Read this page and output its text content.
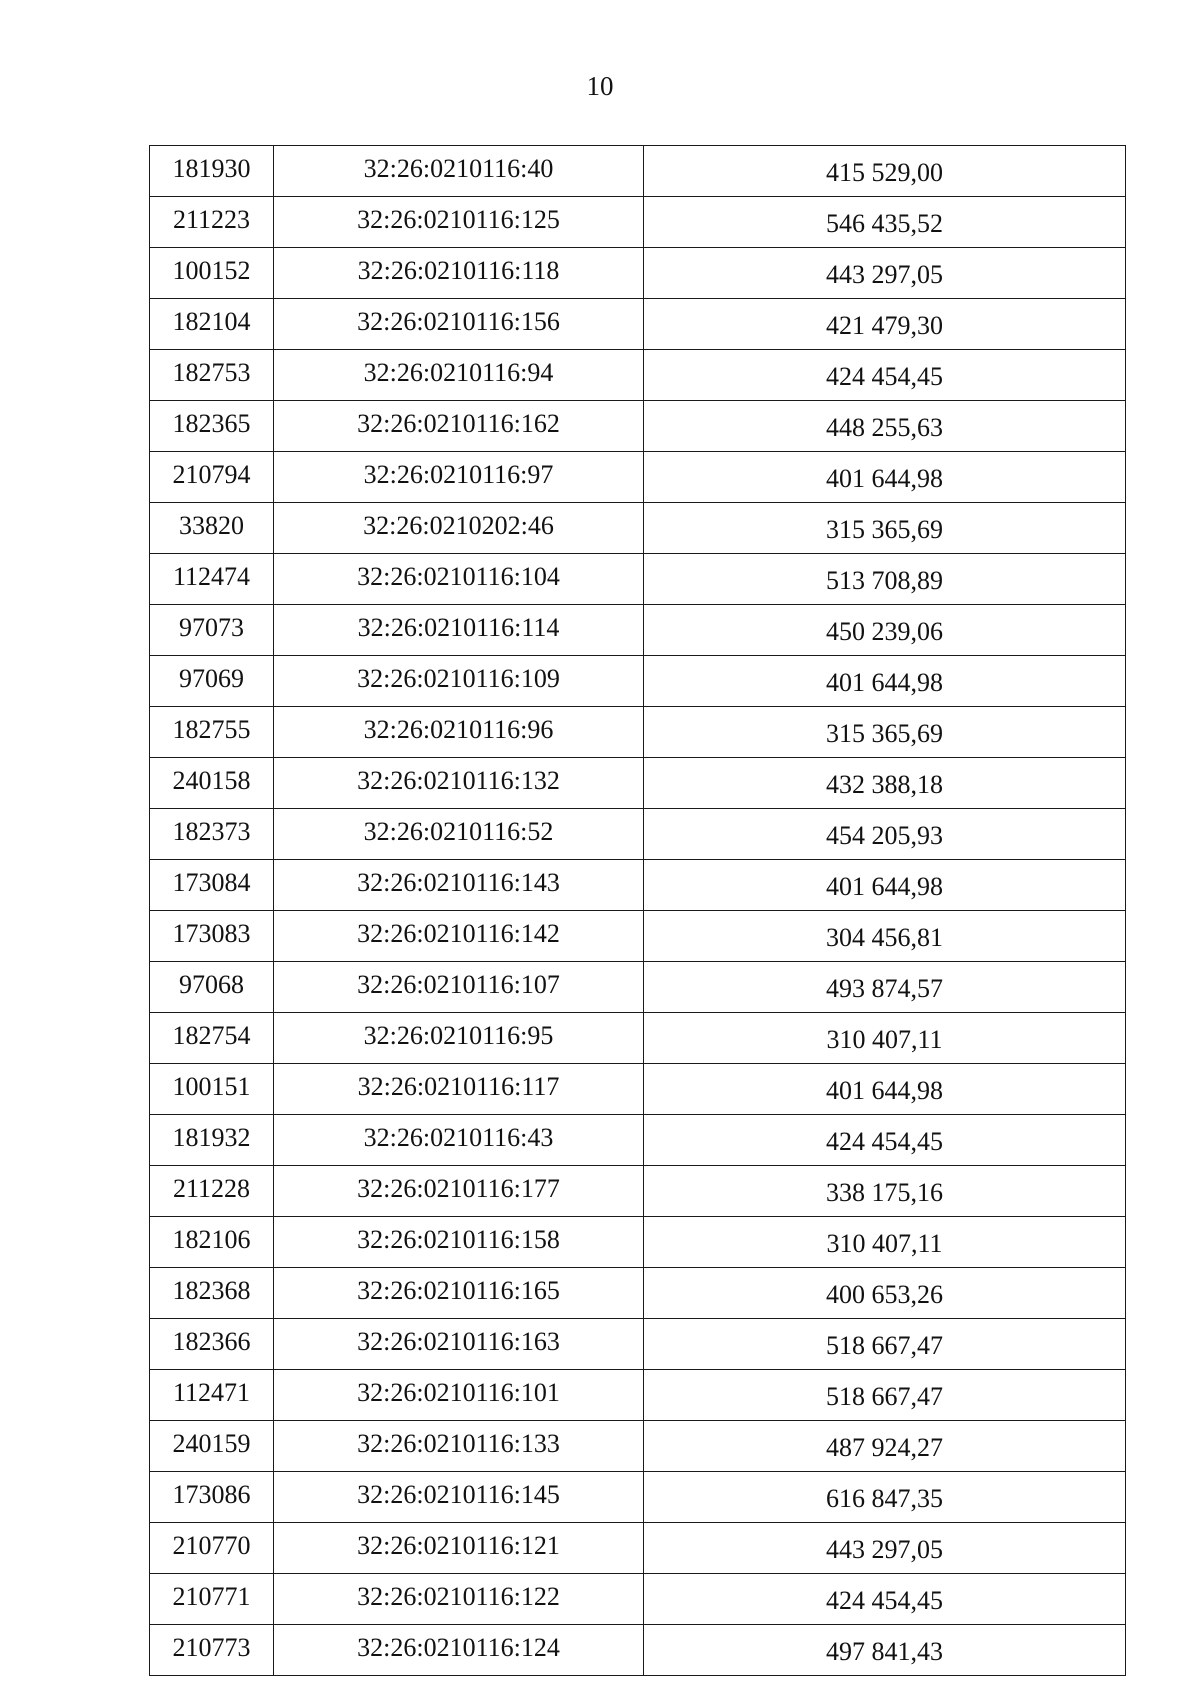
10
181930	32:26:0210116:40	415 529,00
211223	32:26:0210116:125	546 435,52
100152	32:26:0210116:118	443 297,05
182104	32:26:0210116:156	421 479,30
182753	32:26:0210116:94	424 454,45
182365	32:26:0210116:162	448 255,63
210794	32:26:0210116:97	401 644,98
33820	32:26:0210202:46	315 365,69
112474	32:26:0210116:104	513 708,89
97073	32:26:0210116:114	450 239,06
97069	32:26:0210116:109	401 644,98
182755	32:26:0210116:96	315 365,69
240158	32:26:0210116:132	432 388,18
182373	32:26:0210116:52	454 205,93
173084	32:26:0210116:143	401 644,98
173083	32:26:0210116:142	304 456,81
97068	32:26:0210116:107	493 874,57
182754	32:26:0210116:95	310 407,11
100151	32:26:0210116:117	401 644,98
181932	32:26:0210116:43	424 454,45
211228	32:26:0210116:177	338 175,16
182106	32:26:0210116:158	310 407,11
182368	32:26:0210116:165	400 653,26
182366	32:26:0210116:163	518 667,47
112471	32:26:0210116:101	518 667,47
240159	32:26:0210116:133	487 924,27
173086	32:26:0210116:145	616 847,35
210770	32:26:0210116:121	443 297,05
210771	32:26:0210116:122	424 454,45
210773	32:26:0210116:124	497 841,43
